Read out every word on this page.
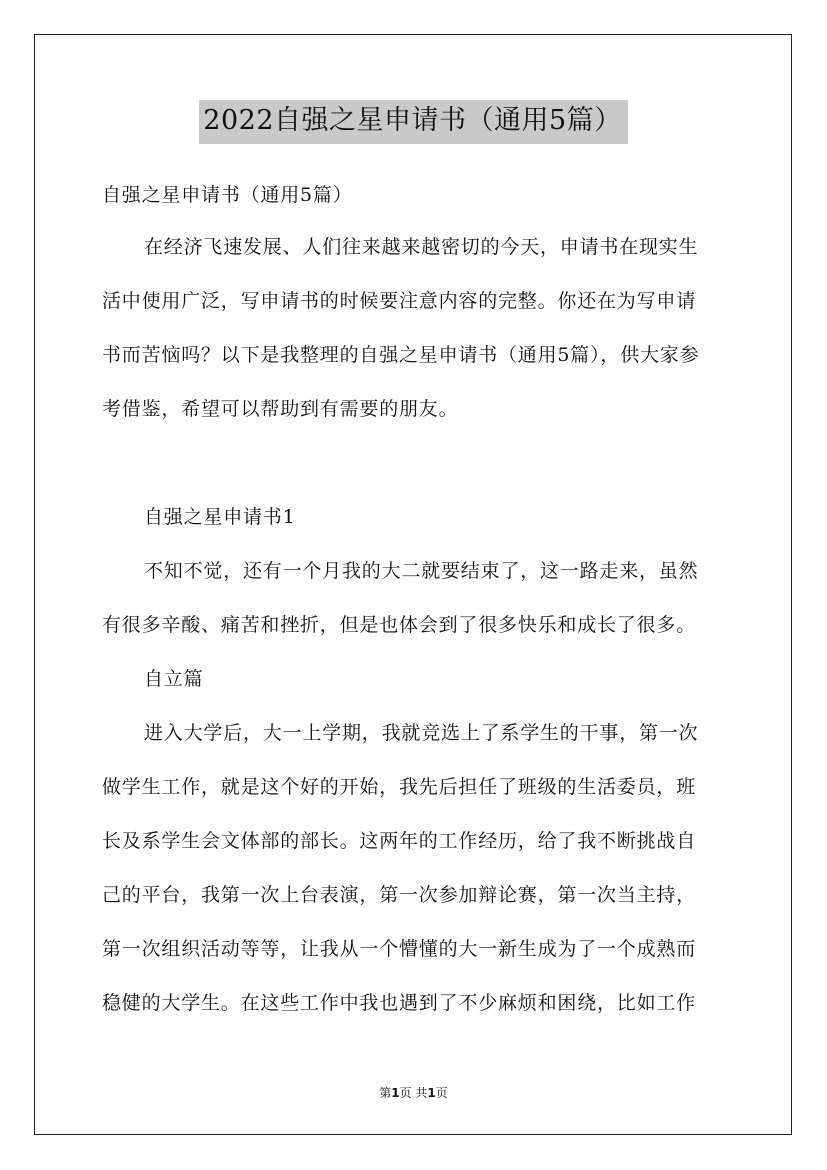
2022自强之星申请书（通用5篇）
自强之星申请书（通用5篇）
在经济飞速发展、人们往来越来越密切的今天，申请书在现实生
活中使用广泛，写申请书的时候要注意内容的完整。你还在为写申请
书而苦恼吗？以下是我整理的自强之星申请书（通用5篇），供大家参
考借鉴，希望可以帮助到有需要的朋友。
自强之星申请书1
不知不觉，还有一个月我的大二就要结束了，这一路走来，虽然
有很多辛酸、痛苦和挫折，但是也体会到了很多快乐和成长了很多。
自立篇
进入大学后，大一上学期，我就竞选上了系学生的干事，第一次
做学生工作，就是这个好的开始，我先后担任了班级的生活委员，班
长及系学生会文体部的部长。这两年的工作经历，给了我不断挑战自
己的平台，我第一次上台表演，第一次参加辩论赛，第一次当主持，
第一次组织活动等等，让我从一个懵懂的大一新生成为了一个成熟而
稳健的大学生。在这些工作中我也遇到了不少麻烦和困绕，比如工作
第1页 共1页
